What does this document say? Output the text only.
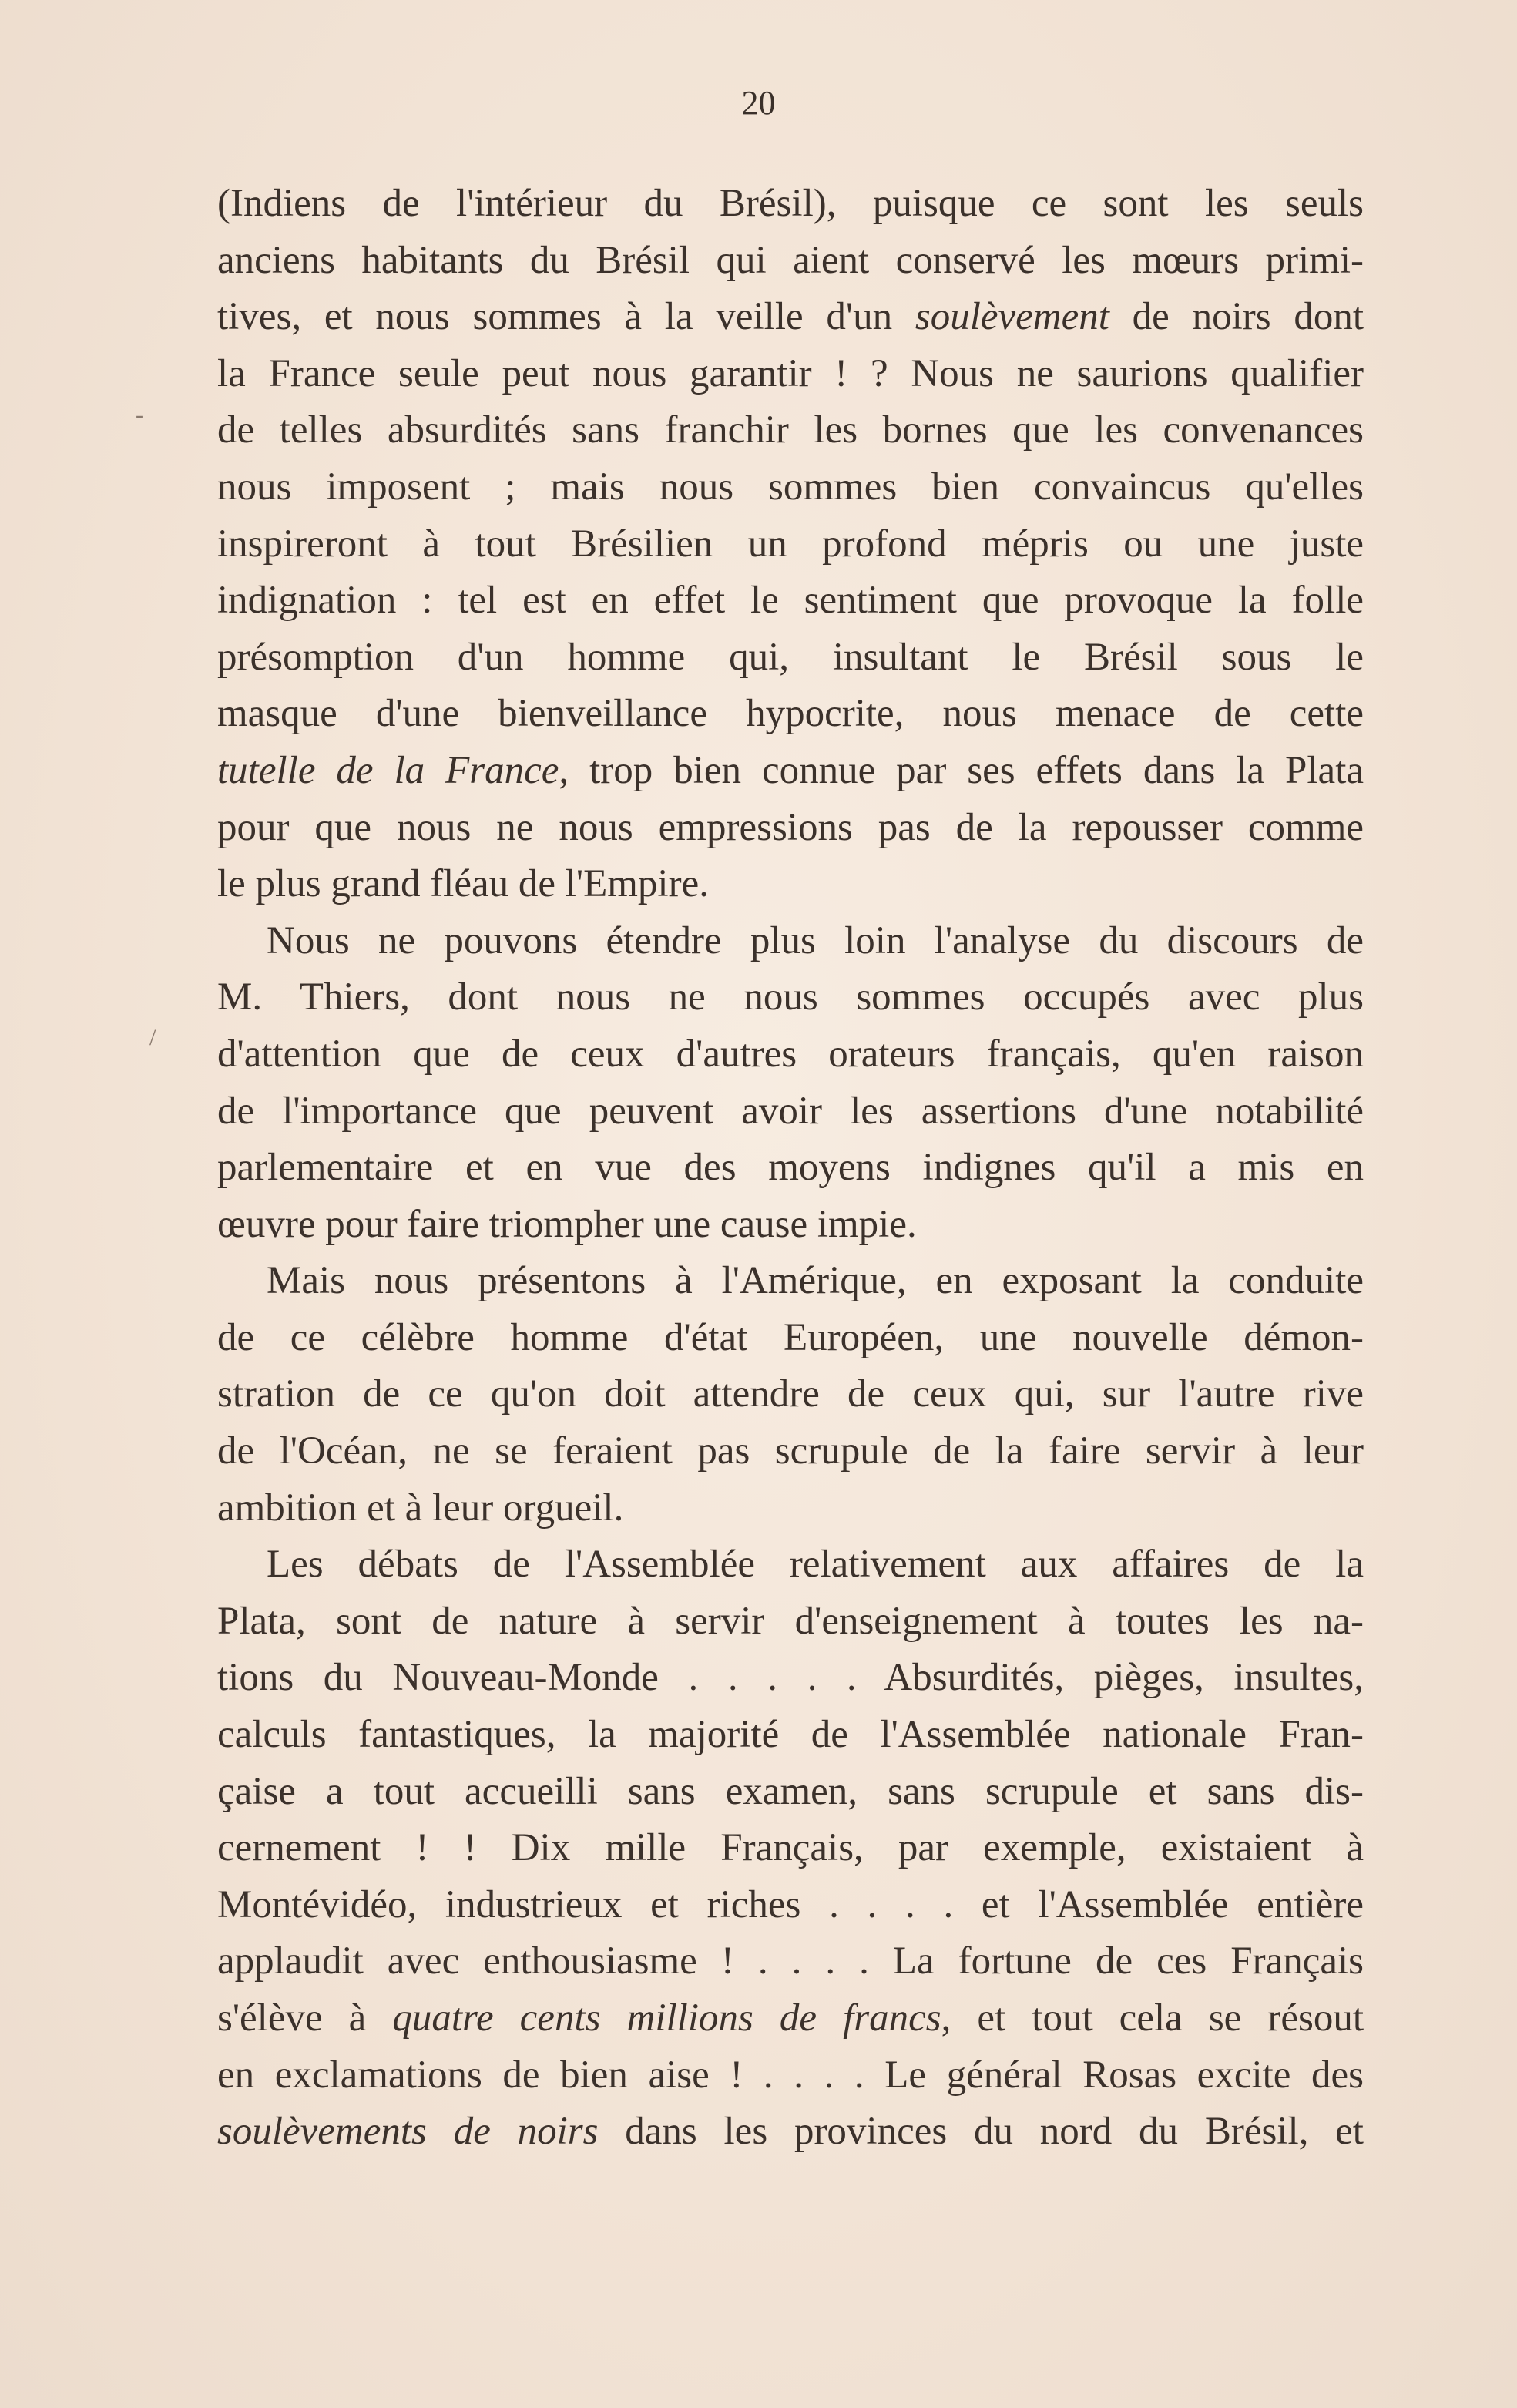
20

(Indiens de l'intérieur du Brésil), puisque ce sont les seuls
anciens habitants du Brésil qui aient conservé les mœurs primi-
tives, et nous sommes à la veille d'un soulèvement de noirs dont
la France seule peut nous garantir ! ? Nous ne saurions qualifier
de telles absurdités sans franchir les bornes que les convenances
nous imposent ; mais nous sommes bien convaincus qu'elles
inspireront à tout Brésilien un profond mépris ou une juste
indignation : tel est en effet le sentiment que provoque la folle
présomption d'un homme qui, insultant le Brésil sous le
masque d'une bienveillance hypocrite, nous menace de cette
tutelle de la France, trop bien connue par ses effets dans la Plata
pour que nous ne nous empressions pas de la repousser comme
le plus grand fléau de l'Empire.

Nous ne pouvons étendre plus loin l'analyse du discours de
M. Thiers, dont nous ne nous sommes occupés avec plus
d'attention que de ceux d'autres orateurs français, qu'en raison
de l'importance que peuvent avoir les assertions d'une notabilité
parlementaire et en vue des moyens indignes qu'il a mis en
œuvre pour faire triompher une cause impie.

Mais nous présentons à l'Amérique, en exposant la conduite
de ce célèbre homme d'état Européen, une nouvelle démon-
stration de ce qu'on doit attendre de ceux qui, sur l'autre rive
de l'Océan, ne se feraient pas scrupule de la faire servir à leur
ambition et à leur orgueil.

Les débats de l'Assemblée relativement aux affaires de la
Plata, sont de nature à servir d'enseignement à toutes les na-
tions du Nouveau-Monde . . . . . Absurdités, pièges, insultes,
calculs fantastiques, la majorité de l'Assemblée nationale Fran-
çaise a tout accueilli sans examen, sans scrupule et sans dis-
cernement ! ! Dix mille Français, par exemple, existaient à
Montévidéo, industrieux et riches . . . . et l'Assemblée entière
applaudit avec enthousiasme ! . . . . La fortune de ces Français
s'élève à quatre cents millions de francs, et tout cela se résout
en exclamations de bien aise ! . . . . Le général Rosas excite des
soulèvements de noirs dans les provinces du nord du Brésil, et

-
/
